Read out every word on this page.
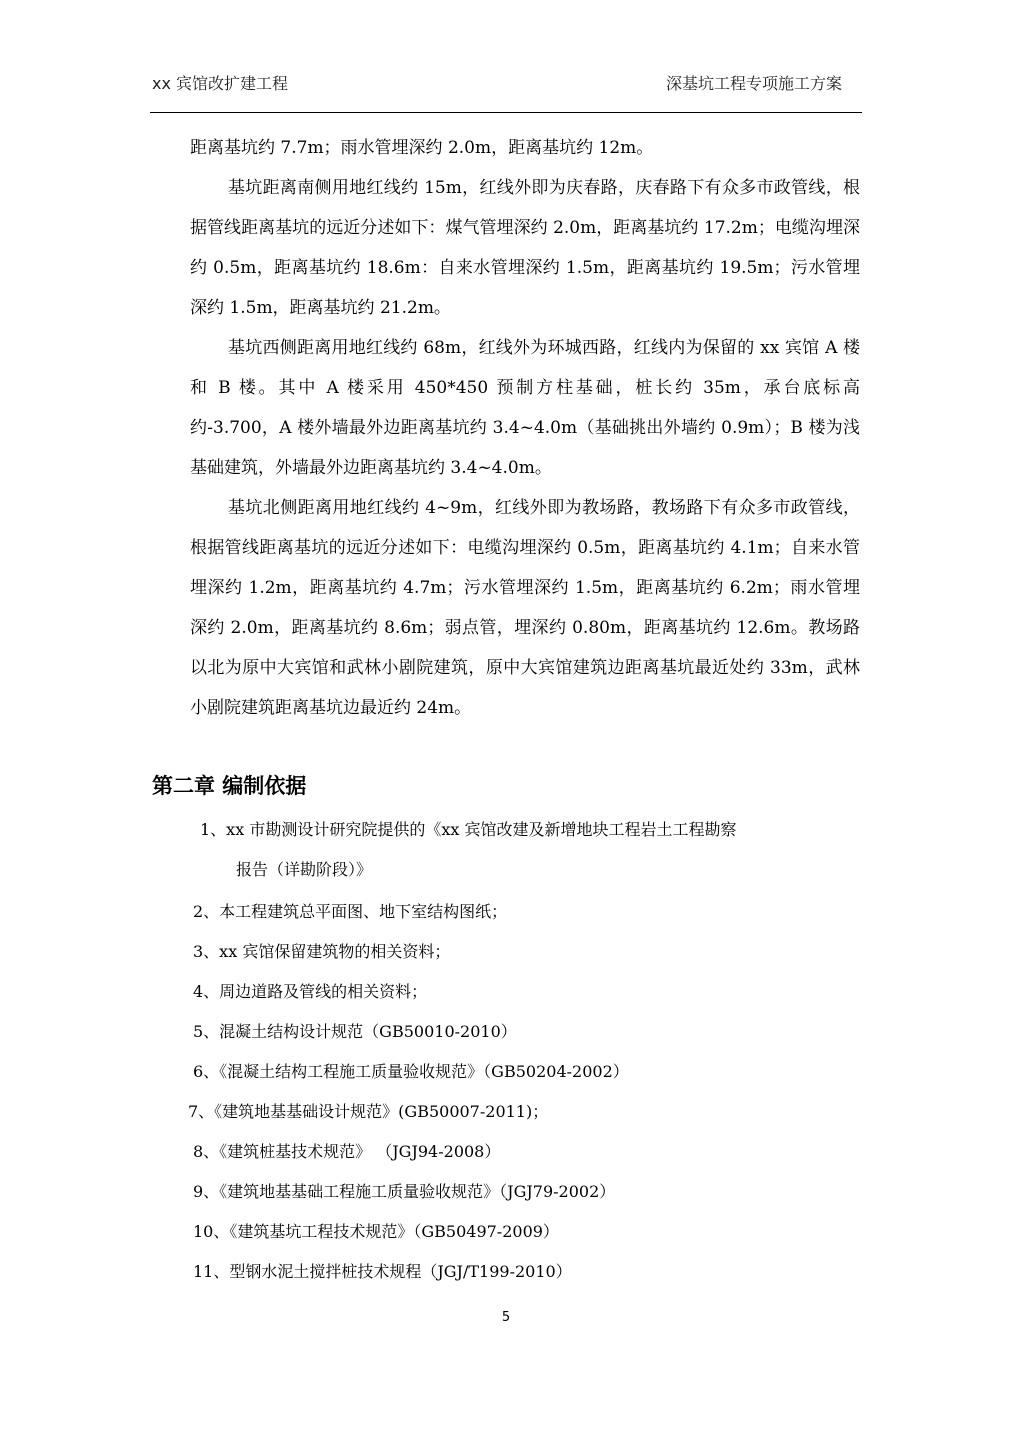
xx 宾馆改扩建工程	深基坑工程专项施工方案

距离基坑约 7.7m；雨水管埋深约 2.0m，距离基坑约 12m。

基坑距离南侧用地红线约 15m，红线外即为庆春路，庆春路下有众多市政管线，根据管线距离基坑的远近分述如下：煤气管埋深约 2.0m，距离基坑约 17.2m；电缆沟埋深约 0.5m，距离基坑约 18.6m：自来水管埋深约 1.5m，距离基坑约 19.5m；污水管埋深约 1.5m，距离基坑约 21.2m。

基坑西侧距离用地红线约 68m，红线外为环城西路，红线内为保留的 xx 宾馆 A 楼和 B 楼。其中 A 楼采用 450*450 预制方柱基础，桩长约 35m，承台底标高约-3.700，A 楼外墙最外边距离基坑约 3.4~4.0m（基础挑出外墙约 0.9m）；B 楼为浅基础建筑，外墙最外边距离基坑约 3.4~4.0m。

基坑北侧距离用地红线约 4~9m，红线外即为教场路，教场路下有众多市政管线，根据管线距离基坑的远近分述如下：电缆沟埋深约 0.5m，距离基坑约 4.1m；自来水管埋深约 1.2m，距离基坑约 4.7m；污水管埋深约 1.5m，距离基坑约 6.2m；雨水管埋深约 2.0m，距离基坑约 8.6m；弱点管，埋深约 0.80m，距离基坑约 12.6m。教场路以北为原中大宾馆和武林小剧院建筑，原中大宾馆建筑边距离基坑最近处约 33m，武林小剧院建筑距离基坑边最近约 24m。

第二章 编制依据
1、xx 市勘测设计研究院提供的《xx 宾馆改建及新增地块工程岩土工程勘察
报告（详勘阶段）》
2、本工程建筑总平面图、地下室结构图纸；
3、xx 宾馆保留建筑物的相关资料；
4、周边道路及管线的相关资料；
5、混凝土结构设计规范（GB50010-2010）
6、《混凝土结构工程施工质量验收规范》（GB50204-2002）
7、《建筑地基基础设计规范》(GB50007-2011)；
8、《建筑桩基技术规范》 （JGJ94-2008）
9、《建筑地基基础工程施工质量验收规范》（JGJ79-2002）
10、《建筑基坑工程技术规范》（GB50497-2009）
11、型钢水泥土搅拌桩技术规程（JGJ/T199-2010）
5
